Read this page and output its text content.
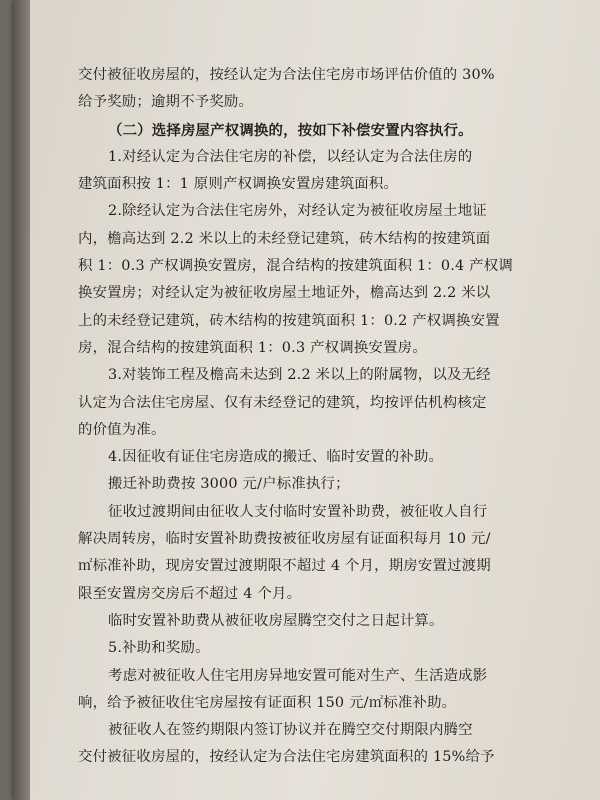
交付被征收房屋的，按经认定为合法住宅房市场评估价值的 30%
给予奖励；逾期不予奖励。
（二）选择房屋产权调换的，按如下补偿安置内容执行。
1.对经认定为合法住宅房的补偿，以经认定为合法住房的
建筑面积按 1：1 原则产权调换安置房建筑面积。
2.除经认定为合法住宅房外，对经认定为被征收房屋土地证
内，檐高达到 2.2 米以上的未经登记建筑，砖木结构的按建筑面
积 1：0.3 产权调换安置房，混合结构的按建筑面积 1：0.4 产权调
换安置房；对经认定为被征收房屋土地证外，檐高达到 2.2 米以
上的未经登记建筑，砖木结构的按建筑面积 1：0.2 产权调换安置
房，混合结构的按建筑面积 1：0.3 产权调换安置房。
3.对装饰工程及檐高未达到 2.2 米以上的附属物，以及无经
认定为合法住宅房屋、仅有未经登记的建筑，均按评估机构核定
的价值为准。
4.因征收有证住宅房造成的搬迁、临时安置的补助。
搬迁补助费按 3000 元/户标准执行；
征收过渡期间由征收人支付临时安置补助费，被征收人自行
解决周转房，临时安置补助费按被征收房屋有证面积每月 10 元/
㎡标准补助，现房安置过渡期限不超过 4 个月，期房安置过渡期
限至安置房交房后不超过 4 个月。
临时安置补助费从被征收房屋腾空交付之日起计算。
5.补助和奖励。
考虑对被征收人住宅用房异地安置可能对生产、生活造成影
响，给予被征收住宅房屋按有证面积 150 元/㎡标准补助。
被征收人在签约期限内签订协议并在腾空交付期限内腾空
交付被征收房屋的，按经认定为合法住宅房建筑面积的 15%给予
